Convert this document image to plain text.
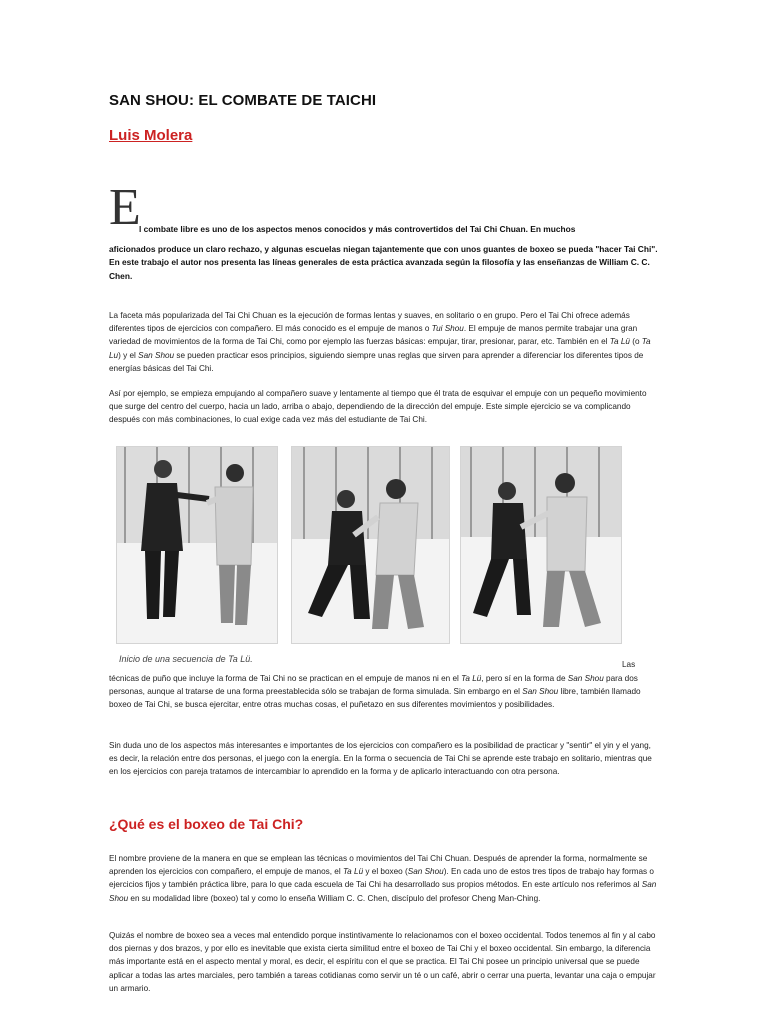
SAN SHOU: EL COMBATE DE TAICHI
Luis Molera
E
l combate libre es uno de los aspectos menos conocidos y más controvertidos del Tai Chi Chuan. En muchos
aficionados produce un claro rechazo, y algunas escuelas niegan tajantemente que con unos guantes de boxeo se pueda "hacer Tai Chi". En este trabajo el autor nos presenta las líneas generales de esta práctica avanzada según la filosofía y las enseñanzas de William C. C. Chen.
La faceta más popularizada del Tai Chi Chuan es la ejecución de formas lentas y suaves, en solitario o en grupo. Pero el Tai Chi ofrece además diferentes tipos de ejercicios con compañero. El más conocido es el empuje de manos o Tui Shou. El empuje de manos permite trabajar una gran variedad de movimientos de la forma de Tai Chi, como por ejemplo las fuerzas básicas: empujar, tirar, presionar, parar, etc. También en el Ta Lü (o Ta Lu) y el San Shou se pueden practicar esos principios, siguiendo siempre unas reglas que sirven para aprender a diferenciar los diferentes tipos de energías básicas del Tai Chi.
Así por ejemplo, se empieza empujando al compañero suave y lentamente al tiempo que él trata de esquivar el empuje con un pequeño movimiento que surge del centro del cuerpo, hacia un lado, arriba o abajo, dependiendo de la dirección del empuje. Este simple ejercicio se va complicando después con más combinaciones, lo cual exige cada vez más del estudiante de Tai Chi.
Inicio de una secuencia de Ta Lü.
Las
técnicas de puño que incluye la forma de Tai Chi no se practican en el empuje de manos ni en el Ta Lü, pero sí en la forma de San Shou para dos personas, aunque al tratarse de una forma preestablecida sólo se trabajan de forma simulada. Sin embargo en el San Shou libre, también llamado boxeo de Tai Chi, se busca ejercitar, entre otras muchas cosas, el puñetazo en sus diferentes movimientos y posibilidades.
Sin duda uno de los aspectos más interesantes e importantes de los ejercicios con compañero es la posibilidad de practicar y "sentir" el yin y el yang, es decir, la relación entre dos personas, el juego con la energía. En la forma o secuencia de Tai Chi se aprende este trabajo en solitario, mientras que en los ejercicios con pareja tratamos de intercambiar lo aprendido en la forma y de aplicarlo interactuando con otra persona.
¿Qué es el boxeo de Tai Chi?
El nombre proviene de la manera en que se emplean las técnicas o movimientos del Tai Chi Chuan. Después de aprender la forma, normalmente se aprenden los ejercicios con compañero, el empuje de manos, el Ta Lü y el boxeo (San Shou). En cada uno de estos tres tipos de trabajo hay formas o ejercicios fijos y también práctica libre, para lo que cada escuela de Tai Chi ha desarrollado sus propios métodos. En este artículo nos referimos al San Shou en su modalidad libre (boxeo) tal y como lo enseña William C. C. Chen, discípulo del profesor Cheng Man-Ching.
Quizás el nombre de boxeo sea a veces mal entendido porque instintivamente lo relacionamos con el boxeo occidental. Todos tenemos al fin y al cabo dos piernas y dos brazos, y por ello es inevitable que exista cierta similitud entre el boxeo de Tai Chi y el boxeo occidental. Sin embargo, la diferencia más importante está en el aspecto mental y moral, es decir, el espíritu con el que se practica. El Tai Chi posee un principio universal que se puede aplicar a todas las artes marciales, pero también a tareas cotidianas como servir un té o un café, abrir o cerrar una puerta, levantar una caja o empujar un armario.
